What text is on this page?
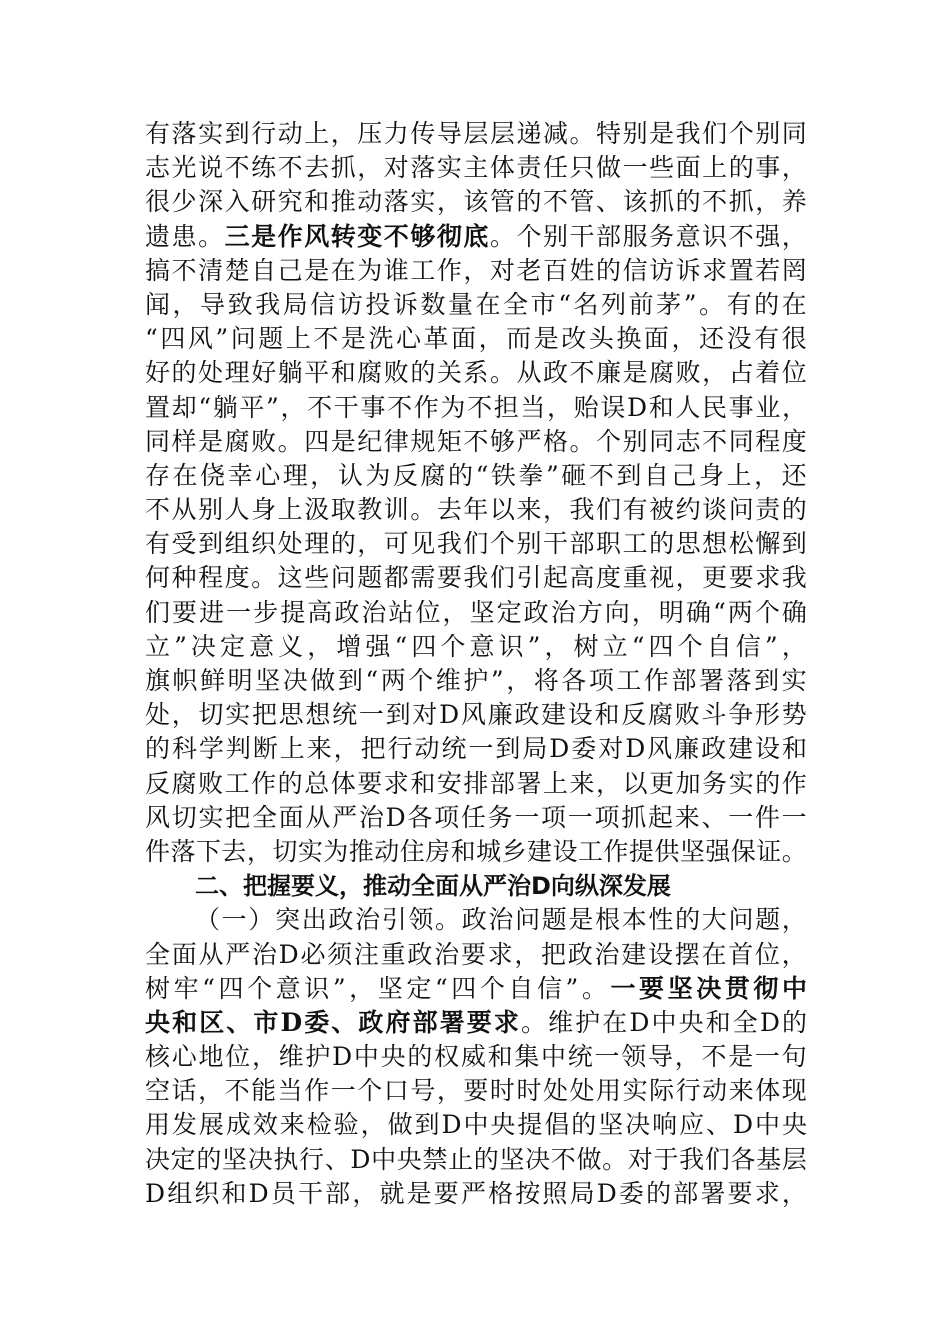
有 落 实 到 行 动 上 ， 压 力 传 导 层 层 递 减 。 特 别 是 我 们 个 别 同
志 光 说 不 练 不 去 抓 ， 对 落 实 主 体 责 任 只 做 一 些 面 上 的 事 ，
很 少 深 入 研 究 和 推 动 落 实 ， 该 管 的 不 管 、 该 抓 的 不 抓 ， 养
遗 患 。 三 是 作 风 转 变 不 够 彻 底 。 个 别 干 部 服 务 意 识 不 强 ，
搞 不 清 楚 自 己 是 在 为 谁 工 作 ， 对 老 百 姓 的 信 访 诉 求 置 若 罔
闻 ， 导 致 我 局 信 访 投 诉 数 量 在 全 市 “ 名 列 前 茅 ” 。 有 的 在
“ 四 风 ” 问 题 上 不 是 洗 心 革 面 ， 而 是 改 头 换 面 ， 还 没 有 很
好 的 处 理 好 躺 平 和 腐 败 的 关 系 。 从 政 不 廉 是 腐 败 ， 占 着 位
置 却 “ 躺 平 ” ， 不 干 事 不 作 为 不 担 当 ， 贻 误 D 和 人 民 事 业 ，
同 样 是 腐 败 。 四 是 纪 律 规 矩 不 够 严 格 。 个 别 同 志 不 同 程 度
存 在 侥 幸 心 理 ， 认 为 反 腐 的 “ 铁 拳 ” 砸 不 到 自 己 身 上 ， 还
不 从 别 人 身 上 汲 取 教 训 。 去 年 以 来 ， 我 们 有 被 约 谈 问 责 的
有 受 到 组 织 处 理 的 ， 可 见 我 们 个 别 干 部 职 工 的 思 想 松 懈 到
何 种 程 度 。 这 些 问 题 都 需 要 我 们 引 起 高 度 重 视 ， 更 要 求 我
们 要 进 一 步 提 高 政 治 站 位 ， 坚 定 政 治 方 向 ， 明 确 “ 两 个 确
立 ” 决 定 意 义 ， 增 强 “ 四 个 意 识 ” ， 树 立 “ 四 个 自 信 ” ，
旗 帜 鲜 明 坚 决 做 到 “ 两 个 维 护 ” ， 将 各 项 工 作 部 署 落 到 实
处 ， 切 实 把 思 想 统 一 到 对 D 风 廉 政 建 设 和 反 腐 败 斗 争 形 势
的 科 学 判 断 上 来 ， 把 行 动 统 一 到 局 D 委 对 D 风 廉 政 建 设 和
反 腐 败 工 作 的 总 体 要 求 和 安 排 部 署 上 来 ， 以 更 加 务 实 的 作
风 切 实 把 全 面 从 严 治 D 各 项 任 务 一 项 一 项 抓 起 来 、 一 件 一
件 落 下 去 ， 切 实 为 推 动 住 房 和 城 乡 建 设 工 作 提 供 坚 强 保 证 。
二、把握要义，推动全面从严治D向纵深发展
（ 一 ） 突 出 政 治 引 领 。 政 治 问 题 是 根 本 性 的 大 问 题 ，
全 面 从 严 治 D 必 须 注 重 政 治 要 求 ， 把 政 治 建 设 摆 在 首 位 ，
树 牢 “ 四 个 意 识 ” ， 坚 定 “ 四 个 自 信 ” 。 一 要 坚 决 贯 彻 中
央 和 区 、 市 D 委 、 政 府 部 署 要 求 。 维 护 在 D 中 央 和 全 D 的
核 心 地 位 ， 维 护 D 中 央 的 权 威 和 集 中 统 一 领 导 ， 不 是 一 句
空 话 ， 不 能 当 作 一 个 口 号 ， 要 时 时 处 处 用 实 际 行 动 来 体 现
用 发 展 成 效 来 检 验 ， 做 到 D 中 央 提 倡 的 坚 决 响 应 、 D 中 央
决 定 的 坚 决 执 行 、 D 中 央 禁 止 的 坚 决 不 做 。 对 于 我 们 各 基 层
D 组 织 和 D 员 干 部 ， 就 是 要 严 格 按 照 局 D 委 的 部 署 要 求 ，
